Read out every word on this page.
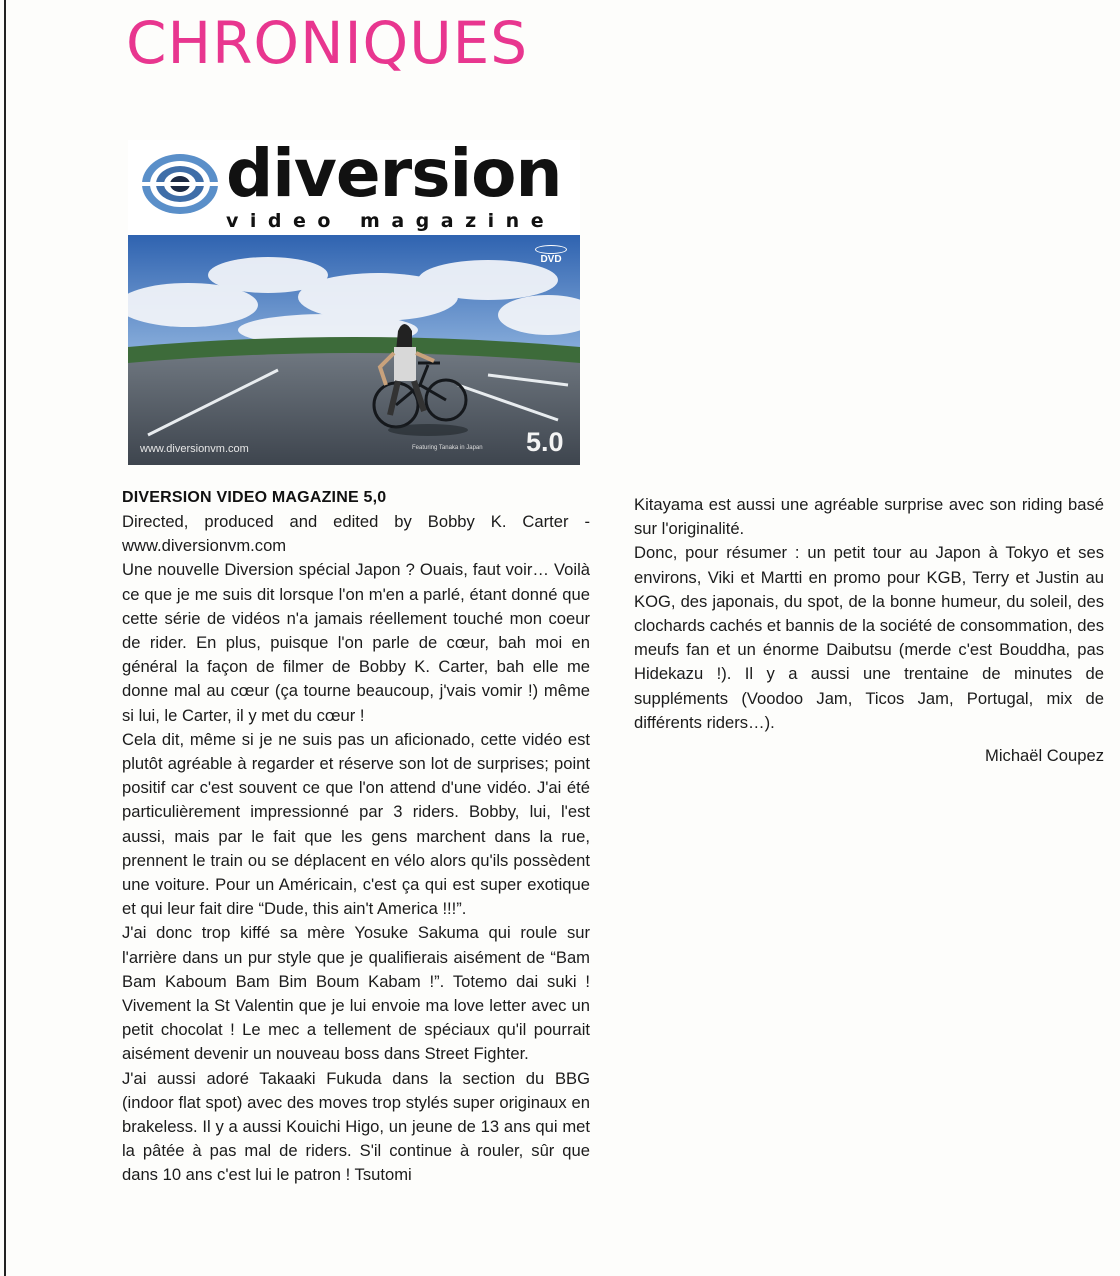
CHRONIQUES

diversion

video magazine

DVD
www.diversionvm.com	Featuring Tanaka in Japan 5.0

DIVERSION VIDEO MAGAZINE 5,0

Directed, produced and edited by Bobby K. Carter -

www.diversionvm.com

Une nouvelle Diversion spécial Japon ? Ouais, faut voir… Voilà ce que je me suis dit lorsque l'on m'en a parlé, étant donné que cette série de vidéos n'a jamais réellement touché mon coeur de rider. En plus, puisque l'on parle de cœur, bah moi en général la façon de filmer de Bobby K. Carter, bah elle me donne mal au cœur (ça tourne beaucoup, j'vais vomir !) même si lui, le Carter, il y met du cœur !

Cela dit, même si je ne suis pas un aficionado, cette vidéo est plutôt agréable à regarder et réserve son lot de surprises; point positif car c'est souvent ce que l'on attend d'une vidéo. J'ai été particulièrement impressionné par 3 riders. Bobby, lui, l'est aussi, mais par le fait que les gens marchent dans la rue, prennent le train ou se déplacent en vélo alors qu'ils possèdent une voiture. Pour un Américain, c'est ça qui est super exotique et qui leur fait dire “Dude, this ain't America !!!”.

J'ai donc trop kiffé sa mère Yosuke Sakuma qui roule sur l'arrière dans un pur style que je qualifierais aisément de “Bam Bam Kaboum Bam Bim Boum Kabam !”. Totemo dai suki ! Vivement la St Valentin que je lui envoie ma love letter avec un petit chocolat ! Le mec a tellement de spéciaux qu'il pourrait aisément devenir un nouveau boss dans Street Fighter.

J'ai aussi adoré Takaaki Fukuda dans la section du BBG (indoor flat spot) avec des moves trop stylés super originaux en brakeless. Il y a aussi Kouichi Higo, un jeune de 13 ans qui met la pâtée à pas mal de riders. S'il continue à rouler, sûr que dans 10 ans c'est lui le patron ! Tsutomi

Kitayama est aussi une agréable surprise avec son riding basé sur l'originalité.

Donc, pour résumer : un petit tour au Japon à Tokyo et ses environs, Viki et Martti en promo pour KGB, Terry et Justin au KOG, des japonais, du spot, de la bonne humeur, du soleil, des clochards cachés et bannis de la société de consommation, des meufs fan et un énorme Daibutsu (merde c'est Bouddha, pas Hidekazu !). Il y a aussi une trentaine de minutes de suppléments (Voodoo Jam, Ticos Jam, Portugal, mix de différents riders…).

Michaël Coupez
